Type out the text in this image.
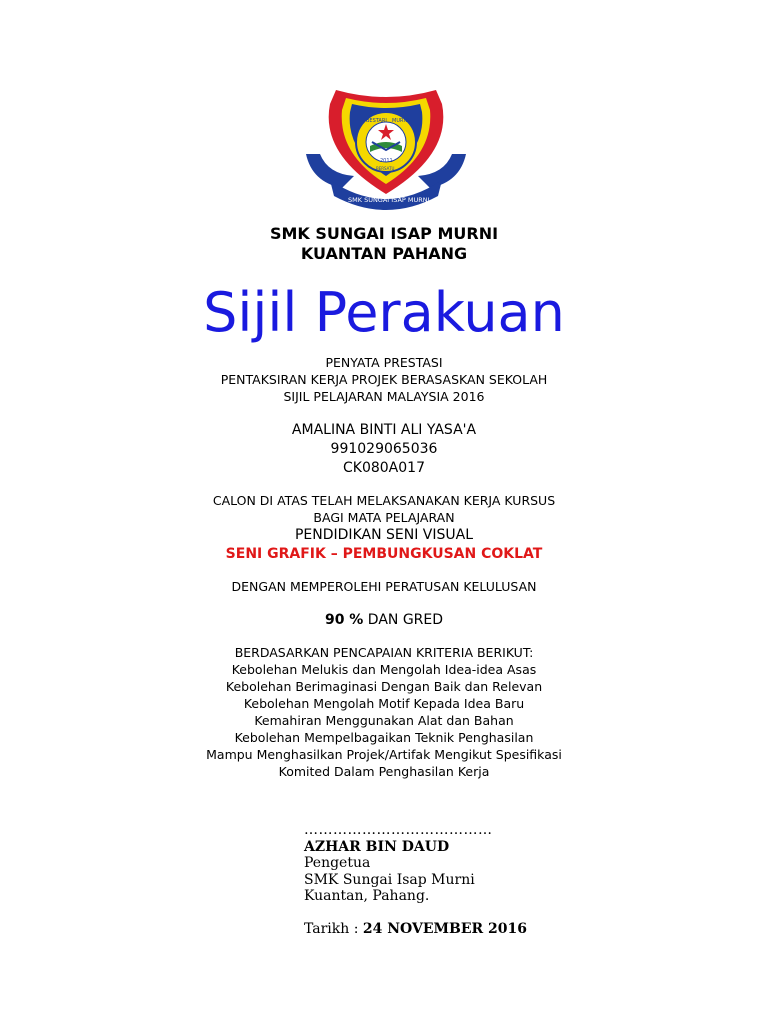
BESTARI MURNI
2011
BERSATU
SMK SUNGAI ISAP MURNI
SMK SUNGAI ISAP MURNI
KUANTAN PAHANG
Sijil Perakuan
PENYATA PRESTASI
PENTAKSIRAN KERJA PROJEK BERASASKAN SEKOLAH
SIJIL PELAJARAN MALAYSIA 2016
AMALINA BINTI ALI YASA'A
991029065036
CK080A017
CALON DI ATAS TELAH MELAKSANAKAN KERJA KURSUS
BAGI MATA PELAJARAN
PENDIDIKAN SENI VISUAL
SENI GRAFIK – PEMBUNGKUSAN COKLAT
DENGAN MEMPEROLEHI PERATUSAN KELULUSAN
90 % DAN GRED
BERDASARKAN PENCAPAIAN KRITERIA BERIKUT:
Kebolehan Melukis dan Mengolah Idea-idea Asas
Kebolehan Berimaginasi Dengan Baik dan Relevan
Kebolehan Mengolah Motif Kepada Idea Baru
Kemahiran Menggunakan Alat dan Bahan
Kebolehan Mempelbagaikan Teknik Penghasilan
Mampu Menghasilkan Projek/Artifak Mengikut Spesifikasi
Komited Dalam Penghasilan Kerja
…………………………………
AZHAR BIN DAUD
Pengetua
SMK Sungai Isap Murni
Kuantan, Pahang.
Tarikh : 24 NOVEMBER 2016
